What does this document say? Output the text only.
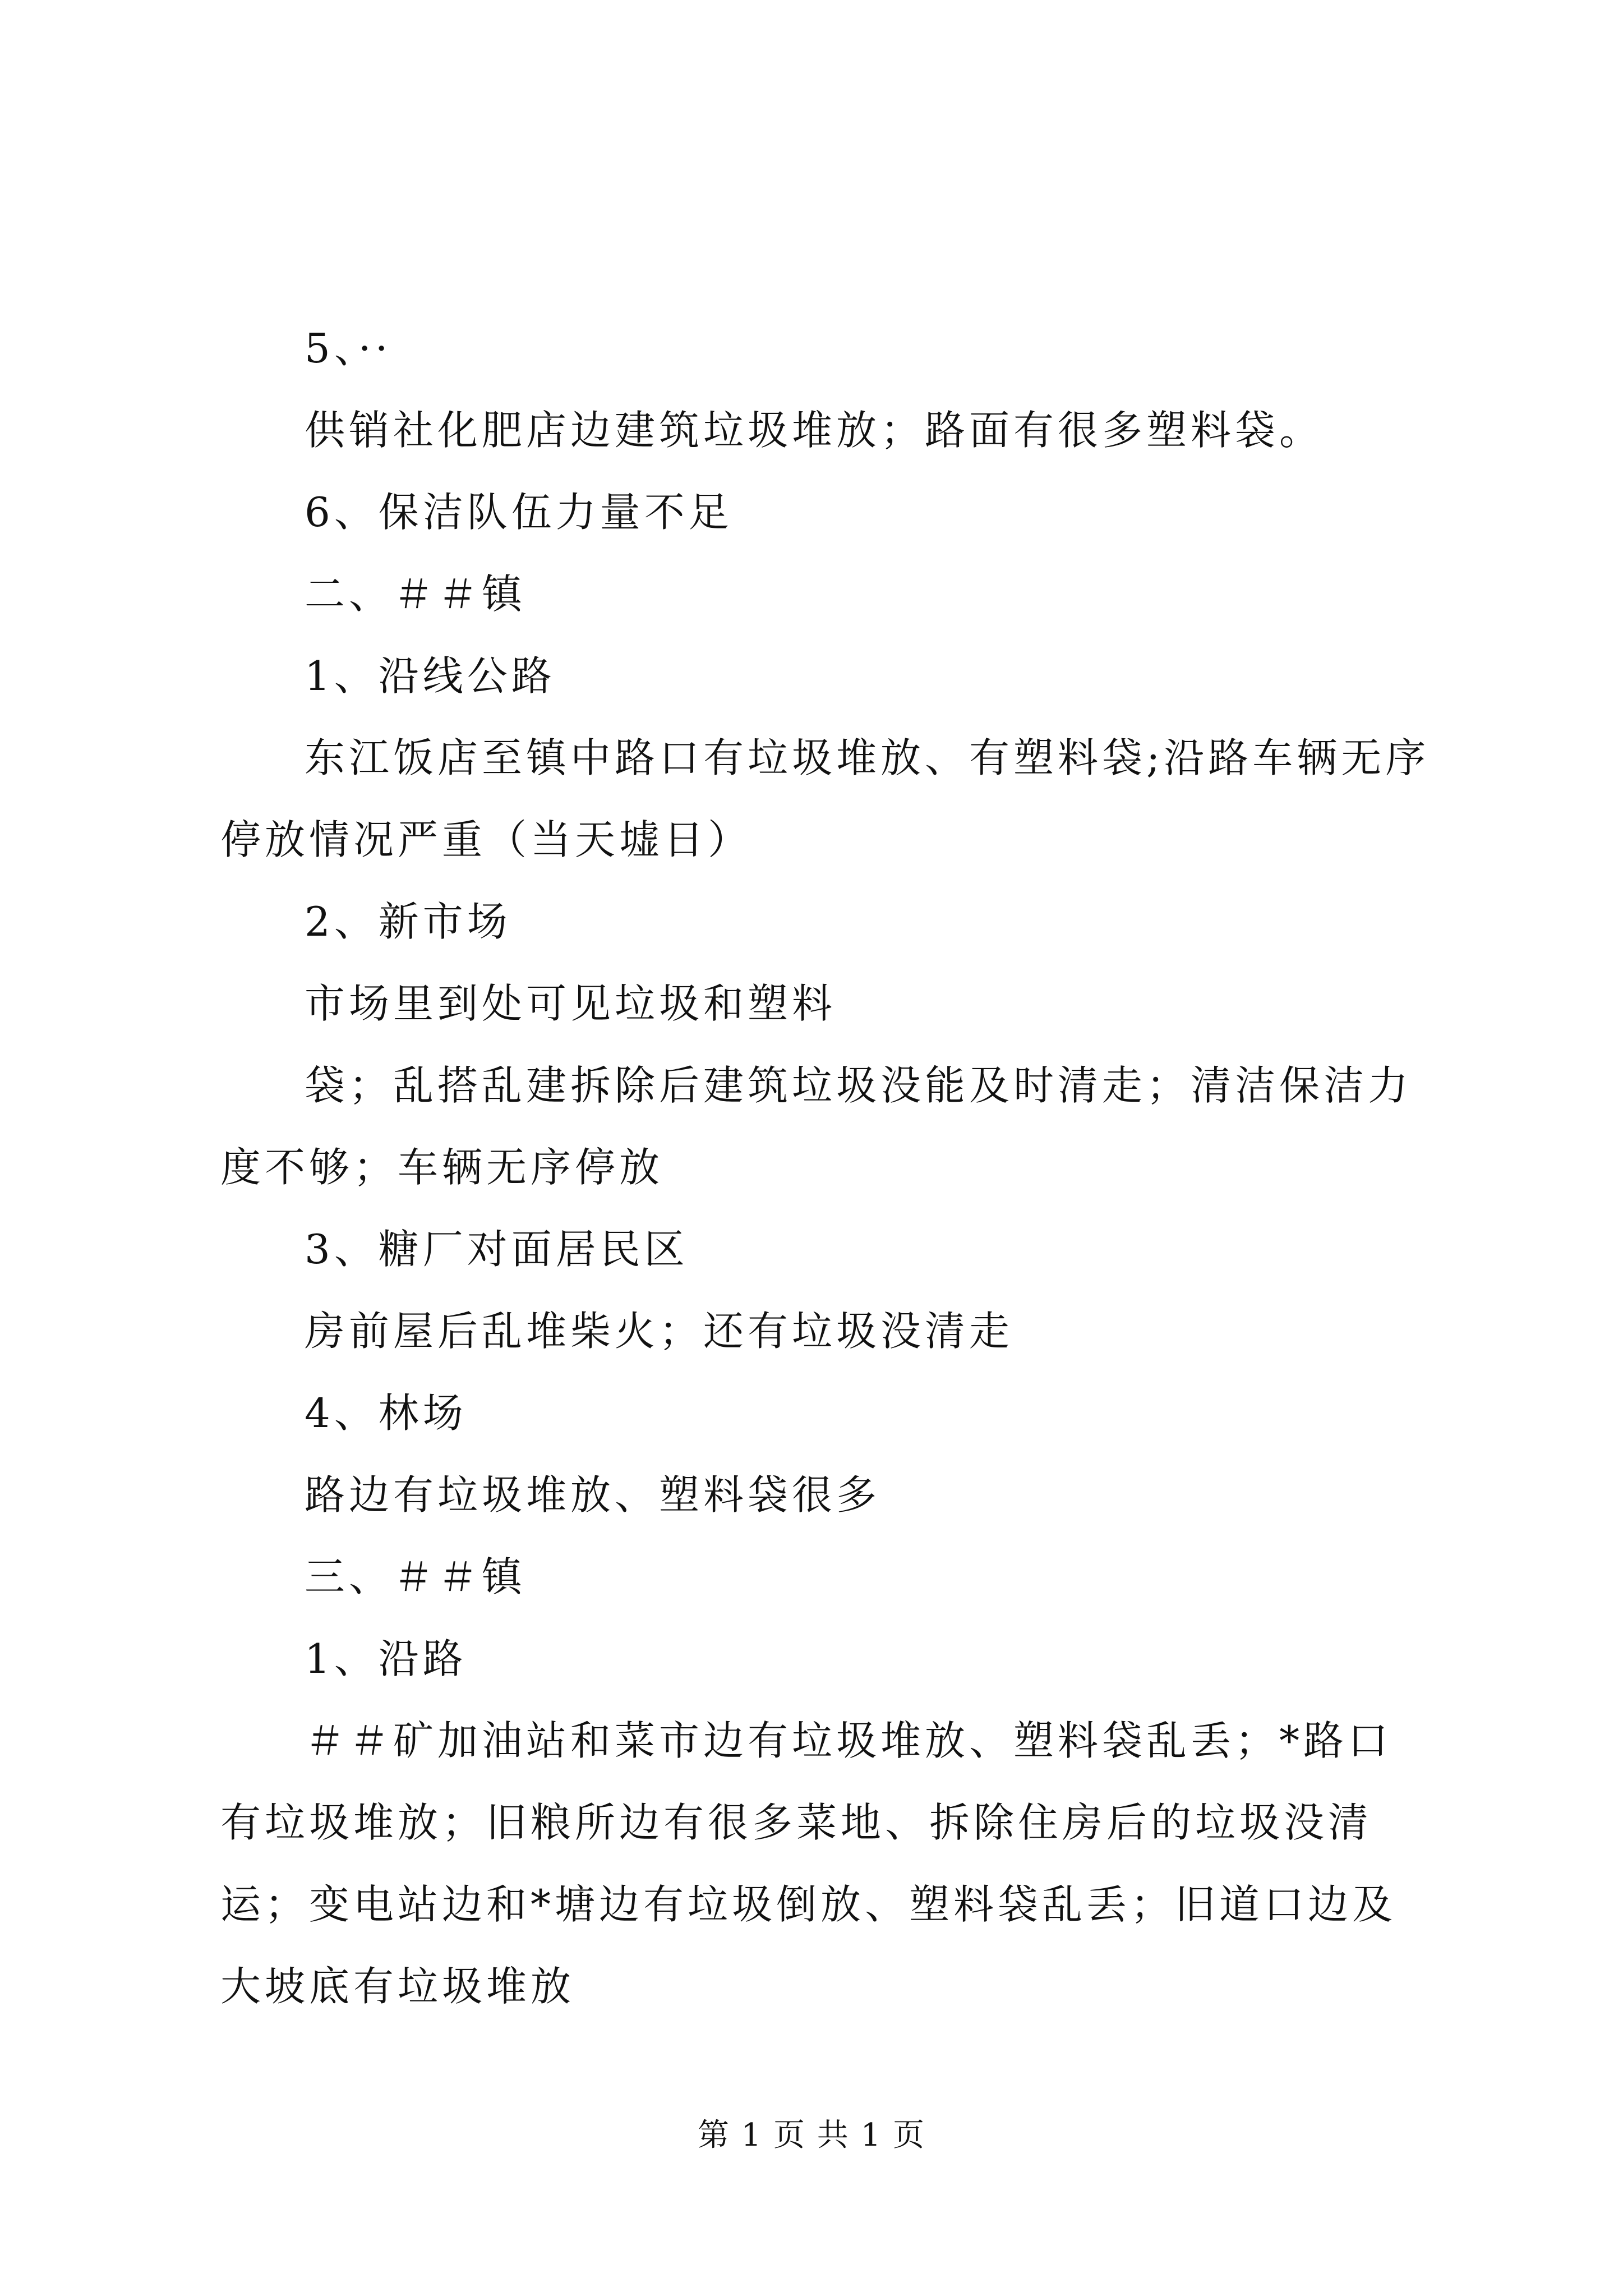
5、··

供销社化肥店边建筑垃圾堆放；路面有很多塑料袋。

6、保洁队伍力量不足

二、＃＃镇

1、沿线公路

东江饭店至镇中路口有垃圾堆放、有塑料袋;沿路车辆无序停放情况严重（当天墟日）

2、新市场

市场里到处可见垃圾和塑料

袋；乱搭乱建拆除后建筑垃圾没能及时清走；清洁保洁力度不够；车辆无序停放

3、糖厂对面居民区

房前屋后乱堆柴火；还有垃圾没清走

4、林场

路边有垃圾堆放、塑料袋很多

三、＃＃镇

1、沿路

＃＃矿加油站和菜市边有垃圾堆放、塑料袋乱丢；*路口有垃圾堆放；旧粮所边有很多菜地、拆除住房后的垃圾没清运；变电站边和*塘边有垃圾倒放、塑料袋乱丢；旧道口边及大坡底有垃圾堆放

第 1 页 共 1 页
